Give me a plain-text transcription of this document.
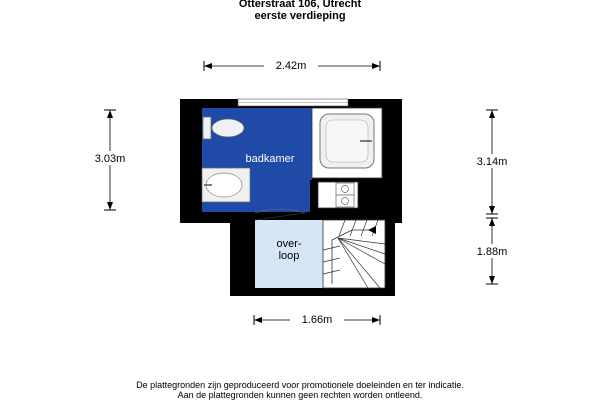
Otterstraat 106, Utrecht
eerste verdieping
badkamer
over-
loop
2.42m
3.03m	3.14m
1.88m
1.66m
De plattegronden zijn geproduceerd voor promotionele doeleinden en ter indicatie.
Aan de plattegronden kunnen geen rechten worden ontleend.
